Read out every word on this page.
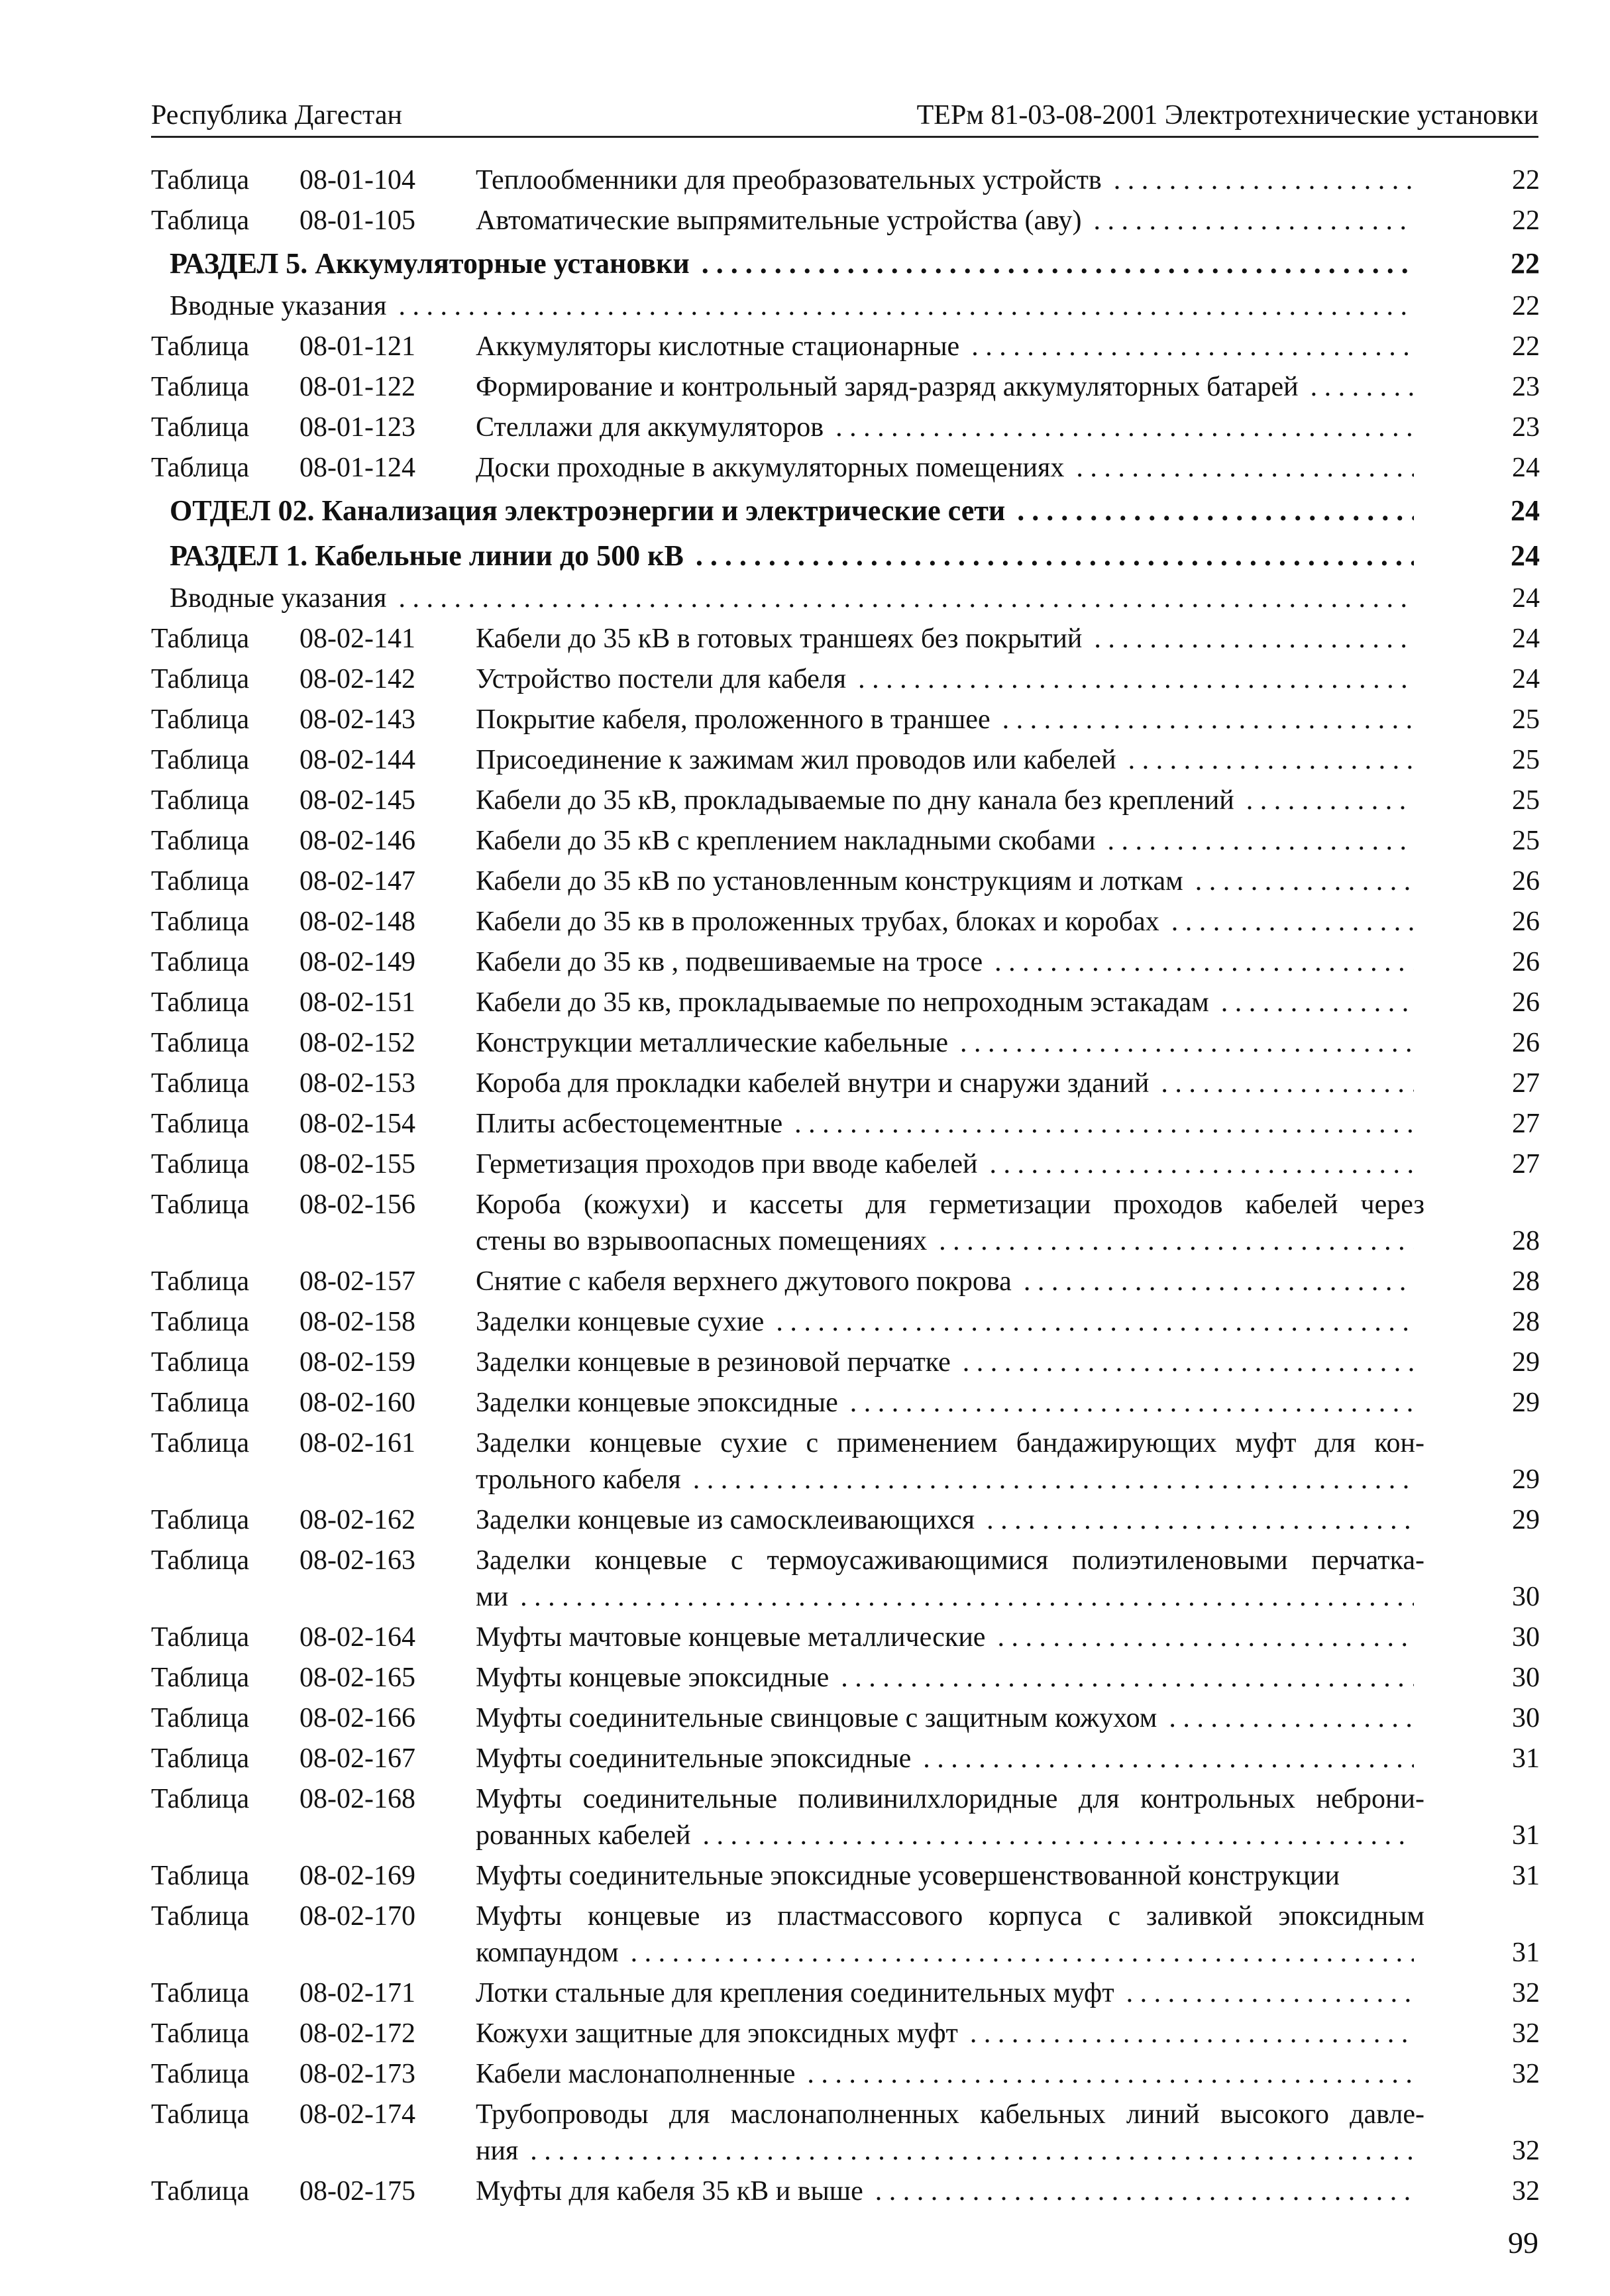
Республика Дагестан	ТЕРм 81-03-08-2001 Электротехнические установки
Таблица 08-01-104 Теплообменники для преобразовательных устройств . . .	22
Таблица 08-01-105 Автоматические выпрямительные устройства (аву) . . .	22
РАЗДЕЛ 5. Аккумуляторные установки . . .	22
Вводные указания . . .	22
Таблица 08-01-121 Аккумуляторы кислотные стационарные . . .	22
Таблица 08-01-122 Формирование и контрольный заряд-разряд аккумуляторных батарей . . .	23
Таблица 08-01-123 Стеллажи для аккумуляторов . . .	23
Таблица 08-01-124 Доски проходные в аккумуляторных помещениях . . .	24
ОТДЕЛ 02. Канализация электроэнергии и электрические сети . . .	24
РАЗДЕЛ 1. Кабельные линии до 500 кВ . . .	24
Вводные указания . . .	24
Таблица 08-02-141 Кабели до 35 кВ в готовых траншеях без покрытий . . .	24
Таблица 08-02-142 Устройство постели для кабеля . . .	24
Таблица 08-02-143 Покрытие кабеля, проложенного в траншее . . .	25
Таблица 08-02-144 Присоединение к зажимам жил проводов или кабелей . . .	25
Таблица 08-02-145 Кабели до 35 кВ, прокладываемые по дну канала без креплений . . .	25
Таблица 08-02-146 Кабели до 35 кВ с креплением накладными скобами . . .	25
Таблица 08-02-147 Кабели до 35 кВ по установленным конструкциям и лоткам . . .	26
Таблица 08-02-148 Кабели до 35 кв в проложенных трубах, блоках и коробах . . .	26
Таблица 08-02-149 Кабели до 35 кв , подвешиваемые на тросе . . .	26
Таблица 08-02-151 Кабели до 35 кв, прокладываемые по непроходным эстакадам . . .	26
Таблица 08-02-152 Конструкции металлические кабельные . . .	26
Таблица 08-02-153 Короба для прокладки кабелей внутри и снаружи зданий . . .	27
Таблица 08-02-154 Плиты асбестоцементные . . .	27
Таблица 08-02-155 Герметизация проходов при вводе кабелей . . .	27
Таблица 08-02-156 Короба (кожухи) и кассеты для герметизации проходов кабелей через
стены во взрывоопасных помещениях . . .	28
Таблица 08-02-157 Снятие с кабеля верхнего джутового покрова . . .	28
Таблица 08-02-158 Заделки концевые сухие . . .	28
Таблица 08-02-159 Заделки концевые в резиновой перчатке . . .	29
Таблица 08-02-160 Заделки концевые эпоксидные . . .	29
Таблица 08-02-161 Заделки концевые сухие с применением бандажирующих муфт для кон-
трольного кабеля . . .	29
Таблица 08-02-162 Заделки концевые из самосклеивающихся . . .	29
Таблица 08-02-163 Заделки концевые с термоусаживающимися полиэтиленовыми перчатка-
ми . . .	30
Таблица 08-02-164 Муфты мачтовые концевые металлические . . .	30
Таблица 08-02-165 Муфты концевые эпоксидные . . .	30
Таблица 08-02-166 Муфты соединительные свинцовые с защитным кожухом . . .	30
Таблица 08-02-167 Муфты соединительные эпоксидные . . .	31
Таблица 08-02-168 Муфты соединительные поливинилхлоридные для контрольных неброни-
рованных кабелей . . .	31
Таблица 08-02-169 Муфты соединительные эпоксидные усовершенствованной конструкции	31
Таблица 08-02-170 Муфты концевые из пластмассового корпуса с заливкой эпоксидным
компаундом . . .	31
Таблица 08-02-171 Лотки стальные для крепления соединительных муфт . . .	32
Таблица 08-02-172 Кожухи защитные для эпоксидных муфт . . .	32
Таблица 08-02-173 Кабели маслонаполненные . . .	32
Таблица 08-02-174 Трубопроводы для маслонаполненных кабельных линий высокого давле-
ния . . .	32
Таблица 08-02-175 Муфты для кабеля 35 кВ и выше . . .	32
99
